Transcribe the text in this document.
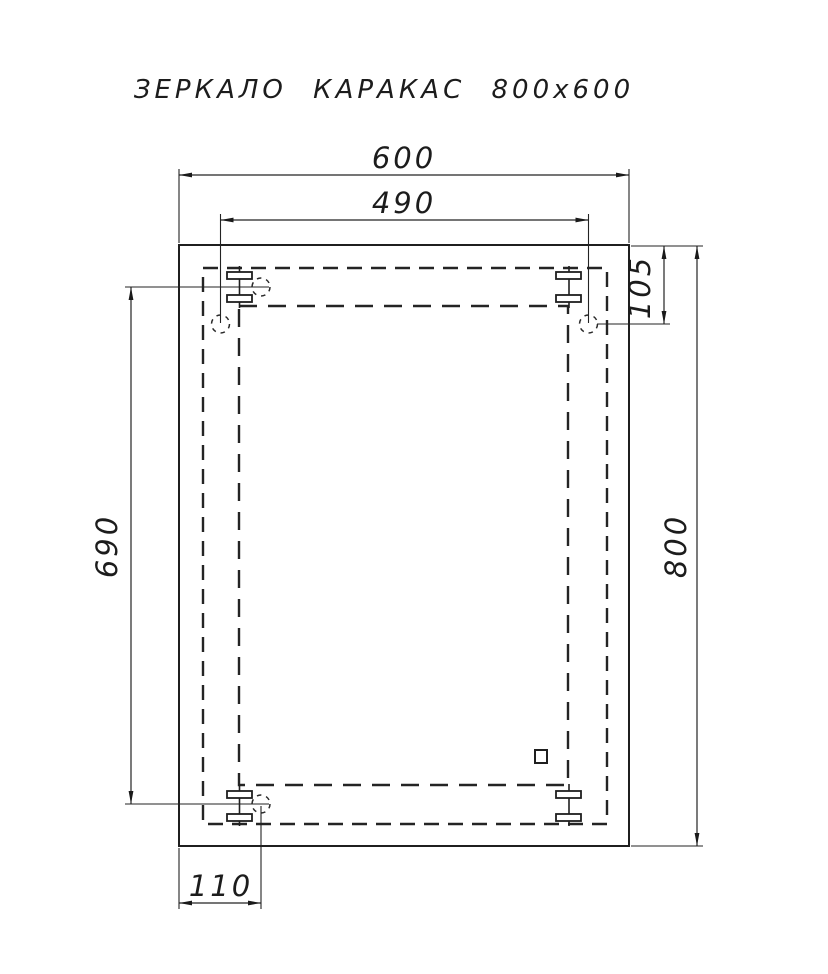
ЗЕРКАЛО КАРАКАС 800x600
600
490
105
800
690
110
